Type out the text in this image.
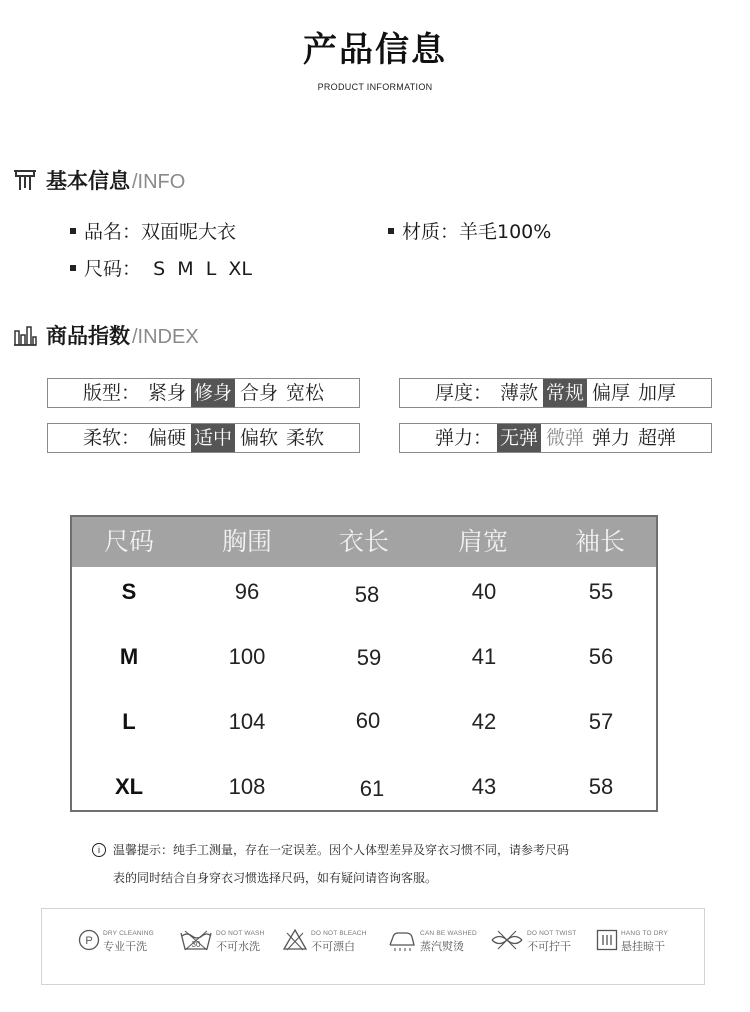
产品信息
PRODUCT INFORMATION
基本信息 /INFO
品名：双面呢大衣	材质：羊毛100%
尺码：  S  M  L  XL
商品指数 /INDEX
版型： 紧身 修身 合身 宽松	厚度： 薄款 常规 偏厚 加厚
柔软： 偏硬 适中 偏软 柔软	弹力： 无弹 微弹 弹力 超弹
尺码	胸围	衣长	肩宽	袖长
S	96	58	40	55
M	100	59	41	56
L	104	60	42	57
XL	108	61	43	58
i	温馨提示：纯手工测量，存在一定误差。因个人体型差异及穿衣习惯不同，请参考尺码
表的同时结合自身穿衣习惯选择尺码，如有疑问请咨询客服。
P
DRY CLEANING
专业干洗	30
DO NOT WASH
不可水洗
DO NOT BLEACH
不可漂白
CAN BE WASHED
蒸汽熨烫
DO NOT TWIST
不可拧干
HANG TO DRY
悬挂晾干
